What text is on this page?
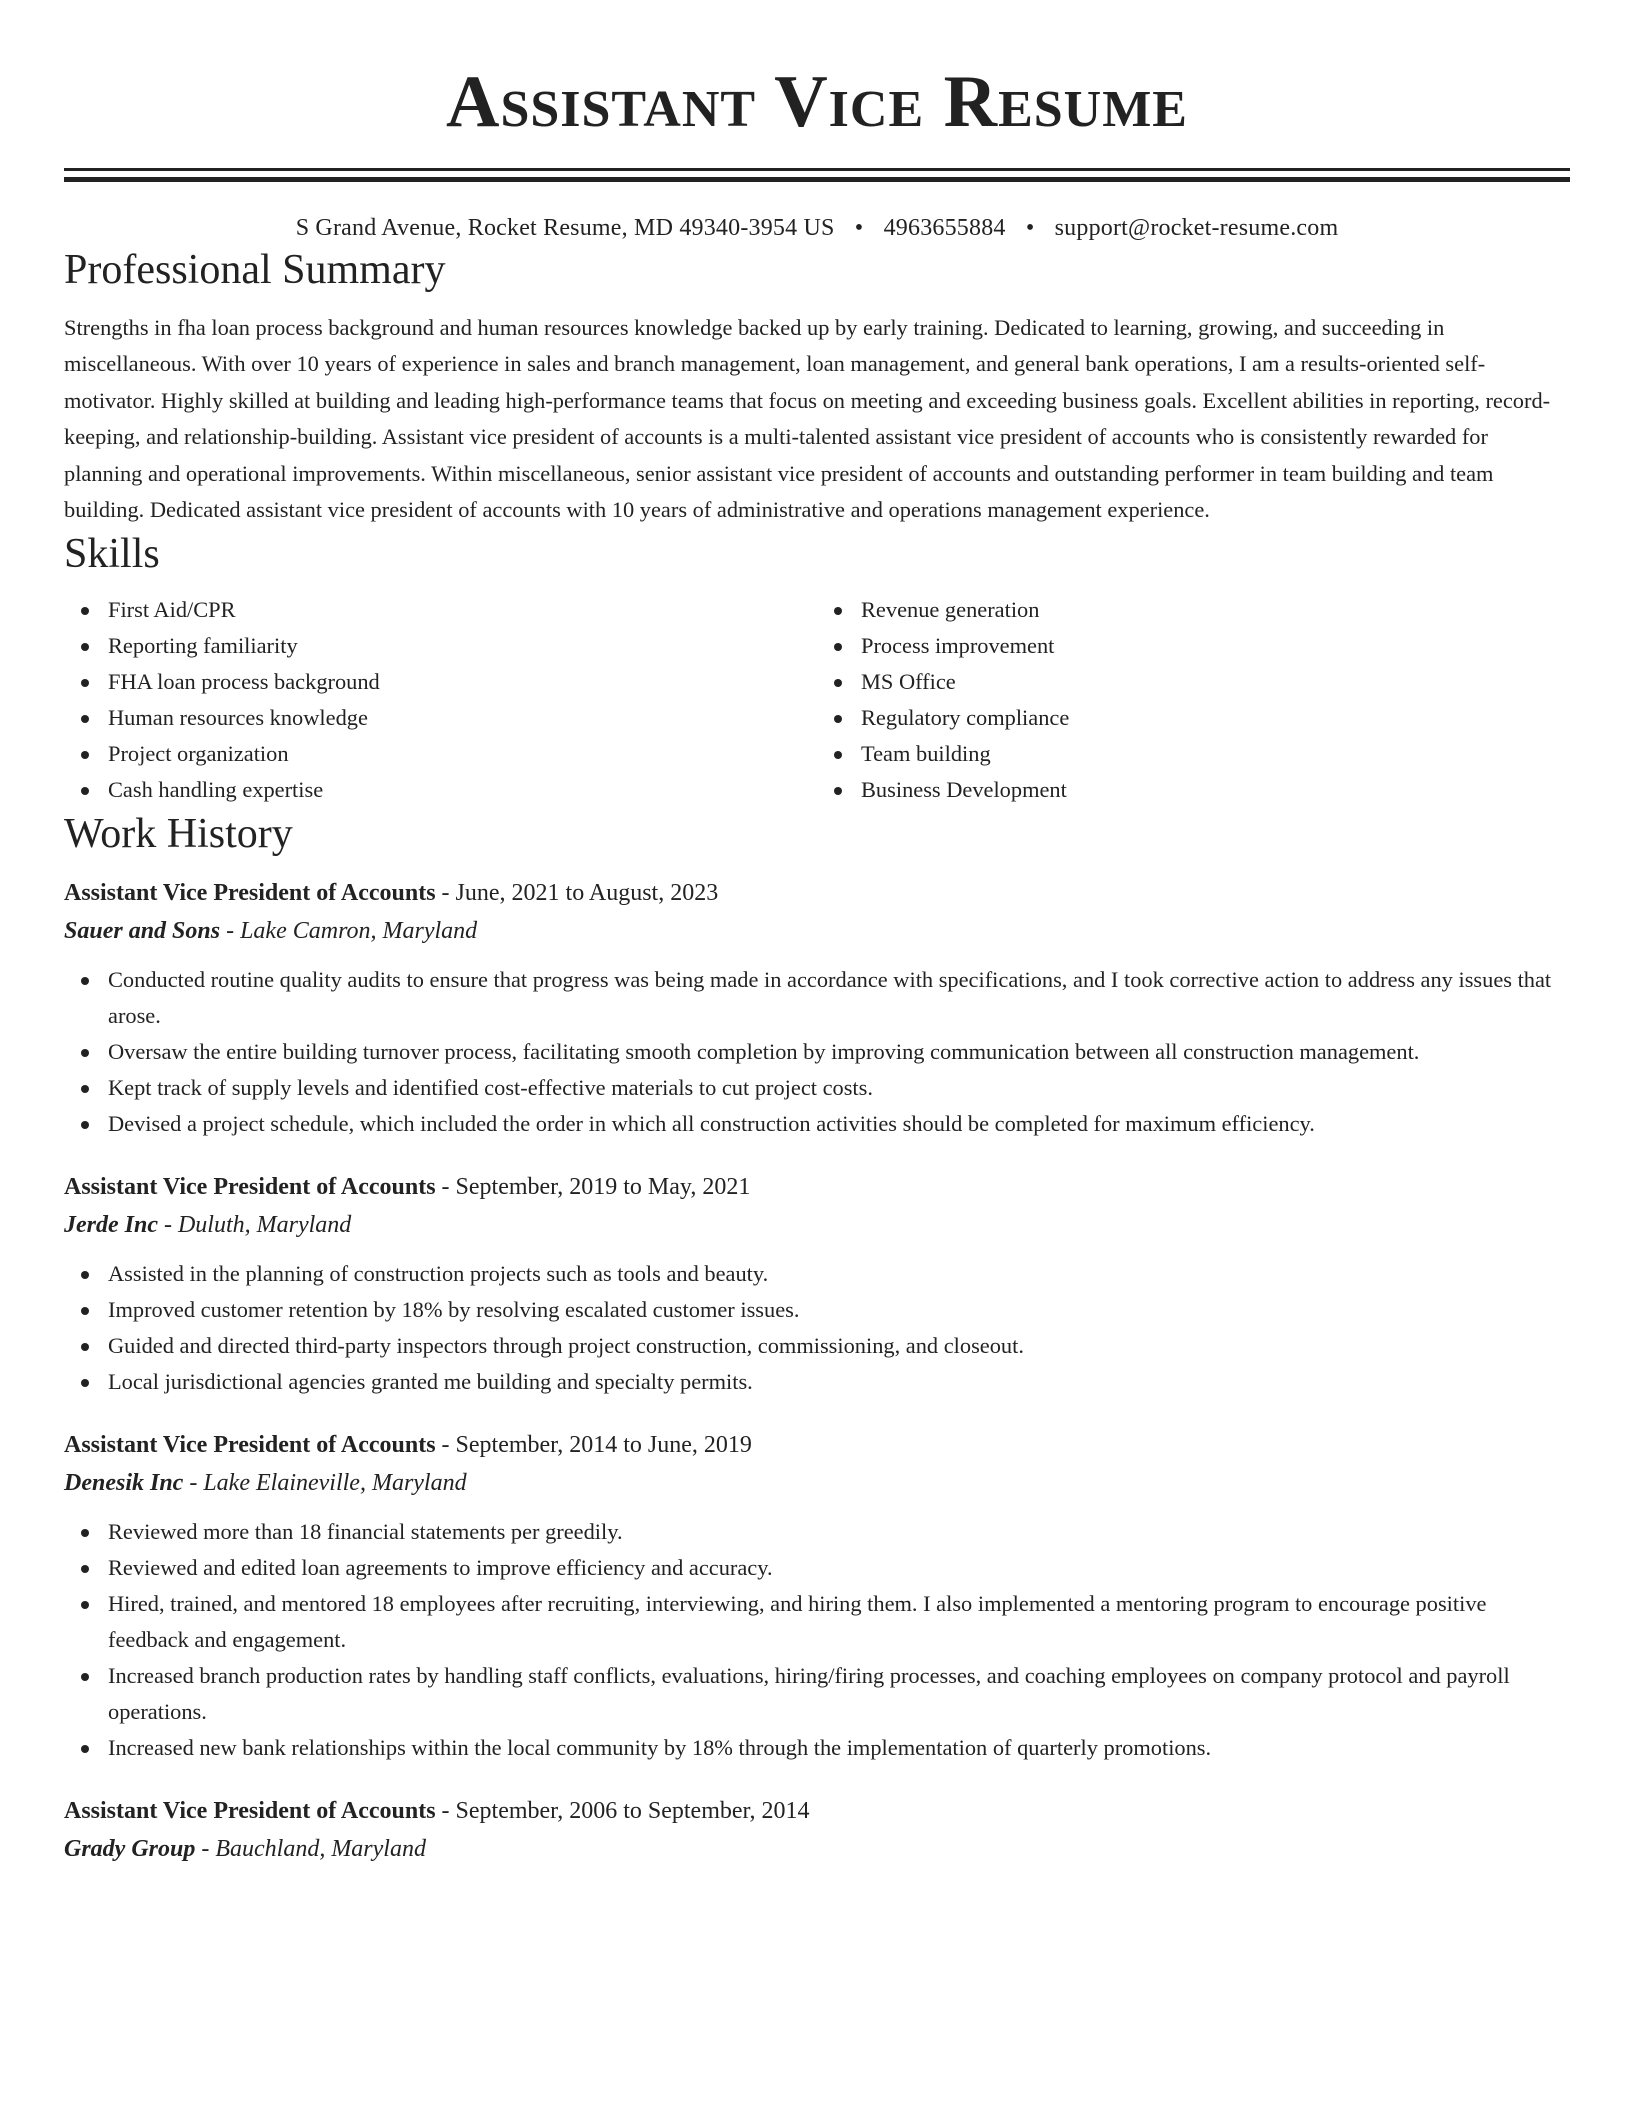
Assistant Vice Resume
S Grand Avenue, Rocket Resume, MD 49340-3954 US • 4963655884 • support@rocket-resume.com
Professional Summary

Strengths in fha loan process background and human resources knowledge backed up by early training. Dedicated to learning, growing, and succeeding in miscellaneous. With over 10 years of experience in sales and branch management, loan management, and general bank operations, I am a results-oriented self-motivator. Highly skilled at building and leading high-performance teams that focus on meeting and exceeding business goals. Excellent abilities in reporting, record-keeping, and relationship-building. Assistant vice president of accounts is a multi-talented assistant vice president of accounts who is consistently rewarded for planning and operational improvements. Within miscellaneous, senior assistant vice president of accounts and outstanding performer in team building and team building. Dedicated assistant vice president of accounts with 10 years of administrative and operations management experience.

Skills
First Aid/CPR
Reporting familiarity
FHA loan process background
Human resources knowledge
Project organization
Cash handling expertise
Revenue generation
Process improvement
MS Office
Regulatory compliance
Team building
Business Development
Work History
Assistant Vice President of Accounts - June, 2021 to August, 2023
Sauer and Sons - Lake Camron, Maryland
Conducted routine quality audits to ensure that progress was being made in accordance with specifications, and I took corrective action to address any issues that arose.
Oversaw the entire building turnover process, facilitating smooth completion by improving communication between all construction management.
Kept track of supply levels and identified cost-effective materials to cut project costs.
Devised a project schedule, which included the order in which all construction activities should be completed for maximum efficiency.
Assistant Vice President of Accounts - September, 2019 to May, 2021
Jerde Inc - Duluth, Maryland
Assisted in the planning of construction projects such as tools and beauty.
Improved customer retention by 18% by resolving escalated customer issues.
Guided and directed third-party inspectors through project construction, commissioning, and closeout.
Local jurisdictional agencies granted me building and specialty permits.
Assistant Vice President of Accounts - September, 2014 to June, 2019
Denesik Inc - Lake Elaineville, Maryland
Reviewed more than 18 financial statements per greedily.
Reviewed and edited loan agreements to improve efficiency and accuracy.
Hired, trained, and mentored 18 employees after recruiting, interviewing, and hiring them. I also implemented a mentoring program to encourage positive feedback and engagement.
Increased branch production rates by handling staff conflicts, evaluations, hiring/firing processes, and coaching employees on company protocol and payroll operations.
Increased new bank relationships within the local community by 18% through the implementation of quarterly promotions.
Assistant Vice President of Accounts - September, 2006 to September, 2014
Grady Group - Bauchland, Maryland
